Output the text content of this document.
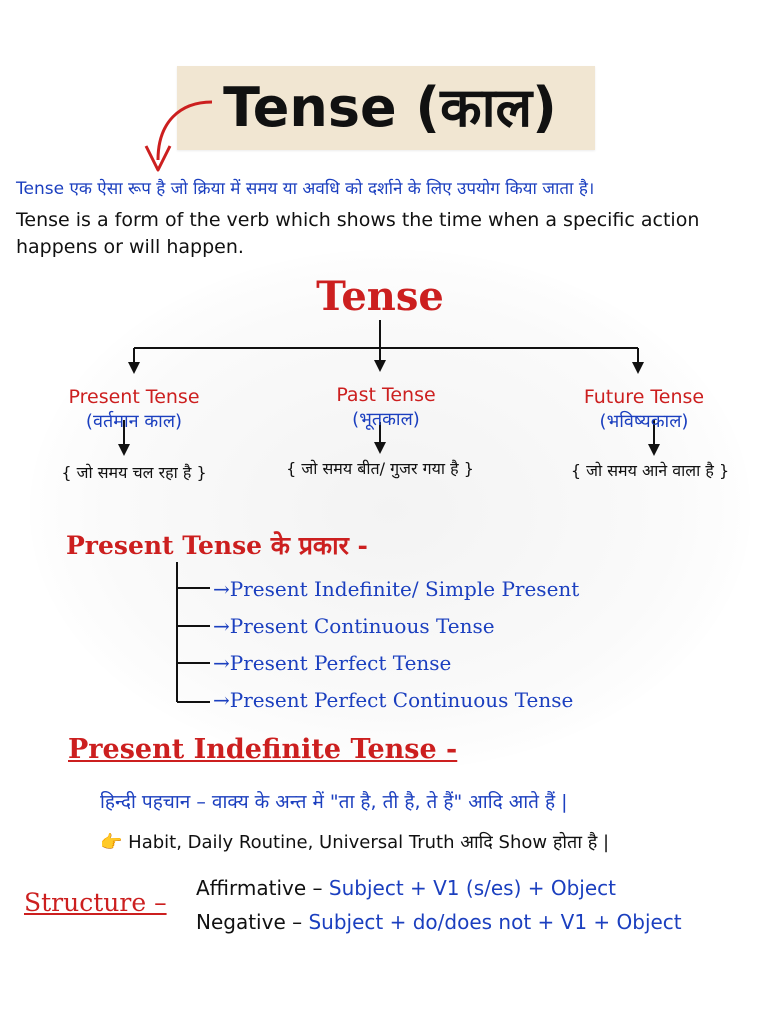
Tense (काल)
Tense एक ऐसा रूप है जो क्रिया में समय या अवधि को दर्शाने के लिए उपयोग किया जाता है।
Tense is a form of the verb which shows the time when a specific action happens or will happen.
Tense
Present Tense
(वर्तमान काल)
{ जो समय चल रहा है }
Past Tense
(भूतकाल)
{ जो समय बीत/ गुजर गया है }
Future Tense
(भविष्यकाल)
{ जो समय आने वाला है }
Present Tense के प्रकार -
→Present Indefinite/ Simple Present
→Present Continuous Tense
→Present Perfect Tense
→Present Perfect Continuous Tense
Present Indefinite Tense -
हिन्दी पहचान – वाक्य के अन्त में "ता है, ती है, ते हैं" आदि आते हैं |
👉 Habit, Daily Routine, Universal Truth आदि Show होता है |
Structure – Affirmative – Subject + V1 (s/es) + Object
Negative – Subject + do/does not + V1 + Object
